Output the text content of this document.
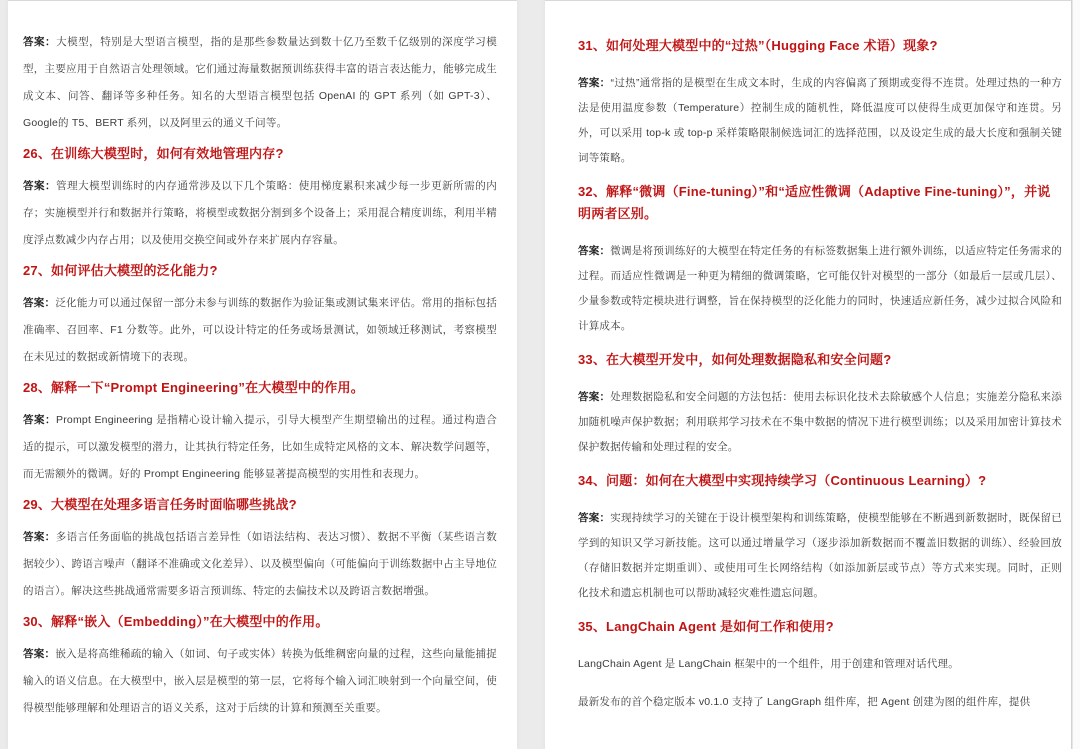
答案：大模型，特别是大型语言模型，指的是那些参数量达到数十亿乃至数千亿级别的深度学习模型，主要应用于自然语言处理领域。它们通过海量数据预训练获得丰富的语言表达能力，能够完成生成文本、问答、翻译等多种任务。知名的大型语言模型包括 OpenAI 的 GPT 系列（如 GPT-3）、Google的 T5、BERT 系列，以及阿里云的通义千问等。
26、在训练大模型时，如何有效地管理内存?
答案：管理大模型训练时的内存通常涉及以下几个策略：使用梯度累积来减少每一步更新所需的内存；实施模型并行和数据并行策略，将模型或数据分割到多个设备上；采用混合精度训练，利用半精度浮点数减少内存占用；以及使用交换空间或外存来扩展内存容量。
27、如何评估大模型的泛化能力?
答案：泛化能力可以通过保留一部分未参与训练的数据作为验证集或测试集来评估。常用的指标包括准确率、召回率、F1 分数等。此外，可以设计特定的任务或场景测试，如领域迁移测试，考察模型在未见过的数据或新情境下的表现。
28、解释一下“Prompt Engineering”在大模型中的作用。
答案：Prompt Engineering 是指精心设计输入提示，引导大模型产生期望输出的过程。通过构造合适的提示，可以激发模型的潜力，让其执行特定任务，比如生成特定风格的文本、解决数学问题等，而无需额外的微调。好的 Prompt Engineering 能够显著提高模型的实用性和表现力。
29、大模型在处理多语言任务时面临哪些挑战?
答案：多语言任务面临的挑战包括语言差异性（如语法结构、表达习惯）、数据不平衡（某些语言数据较少）、跨语言噪声（翻译不准确或文化差异）、以及模型偏向（可能偏向于训练数据中占主导地位的语言）。解决这些挑战通常需要多语言预训练、特定的去偏技术以及跨语言数据增强。
30、解释“嵌入（Embedding）”在大模型中的作用。
答案：嵌入是将高维稀疏的输入（如词、句子或实体）转换为低维稠密向量的过程，这些向量能捕捉输入的语义信息。在大模型中，嵌入层是模型的第一层，它将每个输入词汇映射到一个向量空间，使得模型能够理解和处理语言的语义关系，这对于后续的计算和预测至关重要。
31、如何处理大模型中的“过热”（Hugging Face 术语）现象?
答案：“过热”通常指的是模型在生成文本时，生成的内容偏离了预期或变得不连贯。处理过热的一种方法是使用温度参数（Temperature）控制生成的随机性，降低温度可以使得生成更加保守和连贯。另外，可以采用 top-k 或 top-p 采样策略限制候选词汇的选择范围，以及设定生成的最大长度和强制关键词等策略。
32、解释“微调（Fine-tuning）”和“适应性微调（Adaptive Fine-tuning）”，并说明两者区别。
答案：微调是将预训练好的大模型在特定任务的有标签数据集上进行额外训练，以适应特定任务需求的过程。而适应性微调是一种更为精细的微调策略，它可能仅针对模型的一部分（如最后一层或几层）、少量参数或特定模块进行调整，旨在保持模型的泛化能力的同时，快速适应新任务，减少过拟合风险和计算成本。
33、在大模型开发中，如何处理数据隐私和安全问题?
答案：处理数据隐私和安全问题的方法包括：使用去标识化技术去除敏感个人信息；实施差分隐私来添加随机噪声保护数据；利用联邦学习技术在不集中数据的情况下进行模型训练；以及采用加密计算技术保护数据传输和处理过程的安全。
34、问题：如何在大模型中实现持续学习（Continuous Learning）?
答案：实现持续学习的关键在于设计模型架构和训练策略，使模型能够在不断遇到新数据时，既保留已学到的知识又学习新技能。这可以通过增量学习（逐步添加新数据而不覆盖旧数据的训练）、经验回放（存储旧数据并定期重训）、或使用可生长网络结构（如添加新层或节点）等方式来实现。同时，正则化技术和遗忘机制也可以帮助减轻灾难性遗忘问题。
35、LangChain Agent 是如何工作和使用?
LangChain Agent 是 LangChain 框架中的一个组件，用于创建和管理对话代理。
最新发布的首个稳定版本 v0.1.0 支持了 LangGraph 组件库，把 Agent 创建为图的组件库，提供
